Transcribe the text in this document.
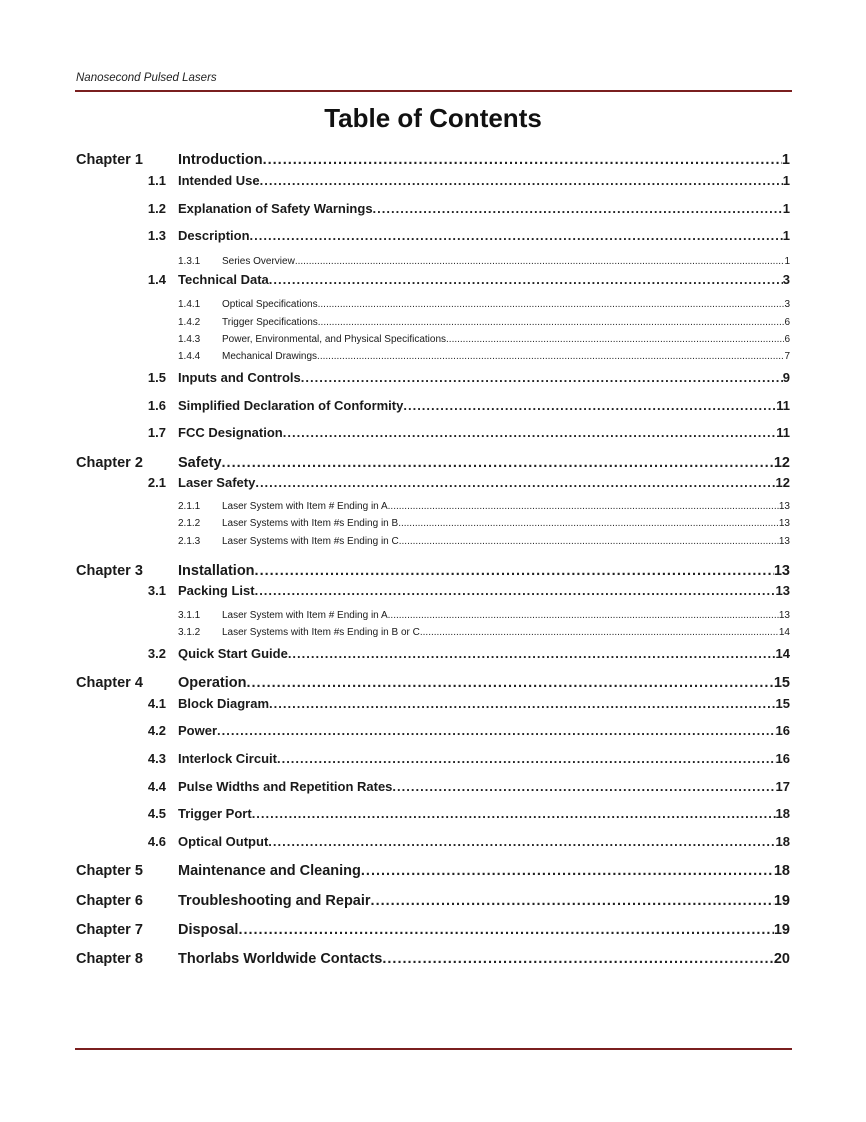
Nanosecond Pulsed Lasers
Table of Contents
Chapter 1 Introduction .....	1
1.1 Intended Use .....	1
1.2 Explanation of Safety Warnings .....	1
1.3 Description .....	1
1.3.1 Series Overview .....	1
1.4 Technical Data .....	3
1.4.1 Optical Specifications .....	3
1.4.2 Trigger Specifications .....	6
1.4.3 Power, Environmental, and Physical Specifications .....	6
1.4.4 Mechanical Drawings .....	7
1.5 Inputs and Controls .....	9
1.6 Simplified Declaration of Conformity .....	11
1.7 FCC Designation .....	11
Chapter 2 Safety .....	12
2.1 Laser Safety .....	12
2.1.1 Laser System with Item # Ending in A .....	13
2.1.2 Laser Systems with Item #s Ending in B .....	13
2.1.3 Laser Systems with Item #s Ending in C .....	13
Chapter 3 Installation .....	13
3.1 Packing List .....	13
3.1.1 Laser System with Item # Ending in A .....	13
3.1.2 Laser Systems with Item #s Ending in B or C .....	14
3.2 Quick Start Guide .....	14
Chapter 4 Operation .....	15
4.1 Block Diagram .....	15
4.2 Power .....	16
4.3 Interlock Circuit .....	16
4.4 Pulse Widths and Repetition Rates .....	17
4.5 Trigger Port .....	18
4.6 Optical Output .....	18
Chapter 5 Maintenance and Cleaning .....	18
Chapter 6 Troubleshooting and Repair .....	19
Chapter 7 Disposal .....	19
Chapter 8 Thorlabs Worldwide Contacts .....	20
